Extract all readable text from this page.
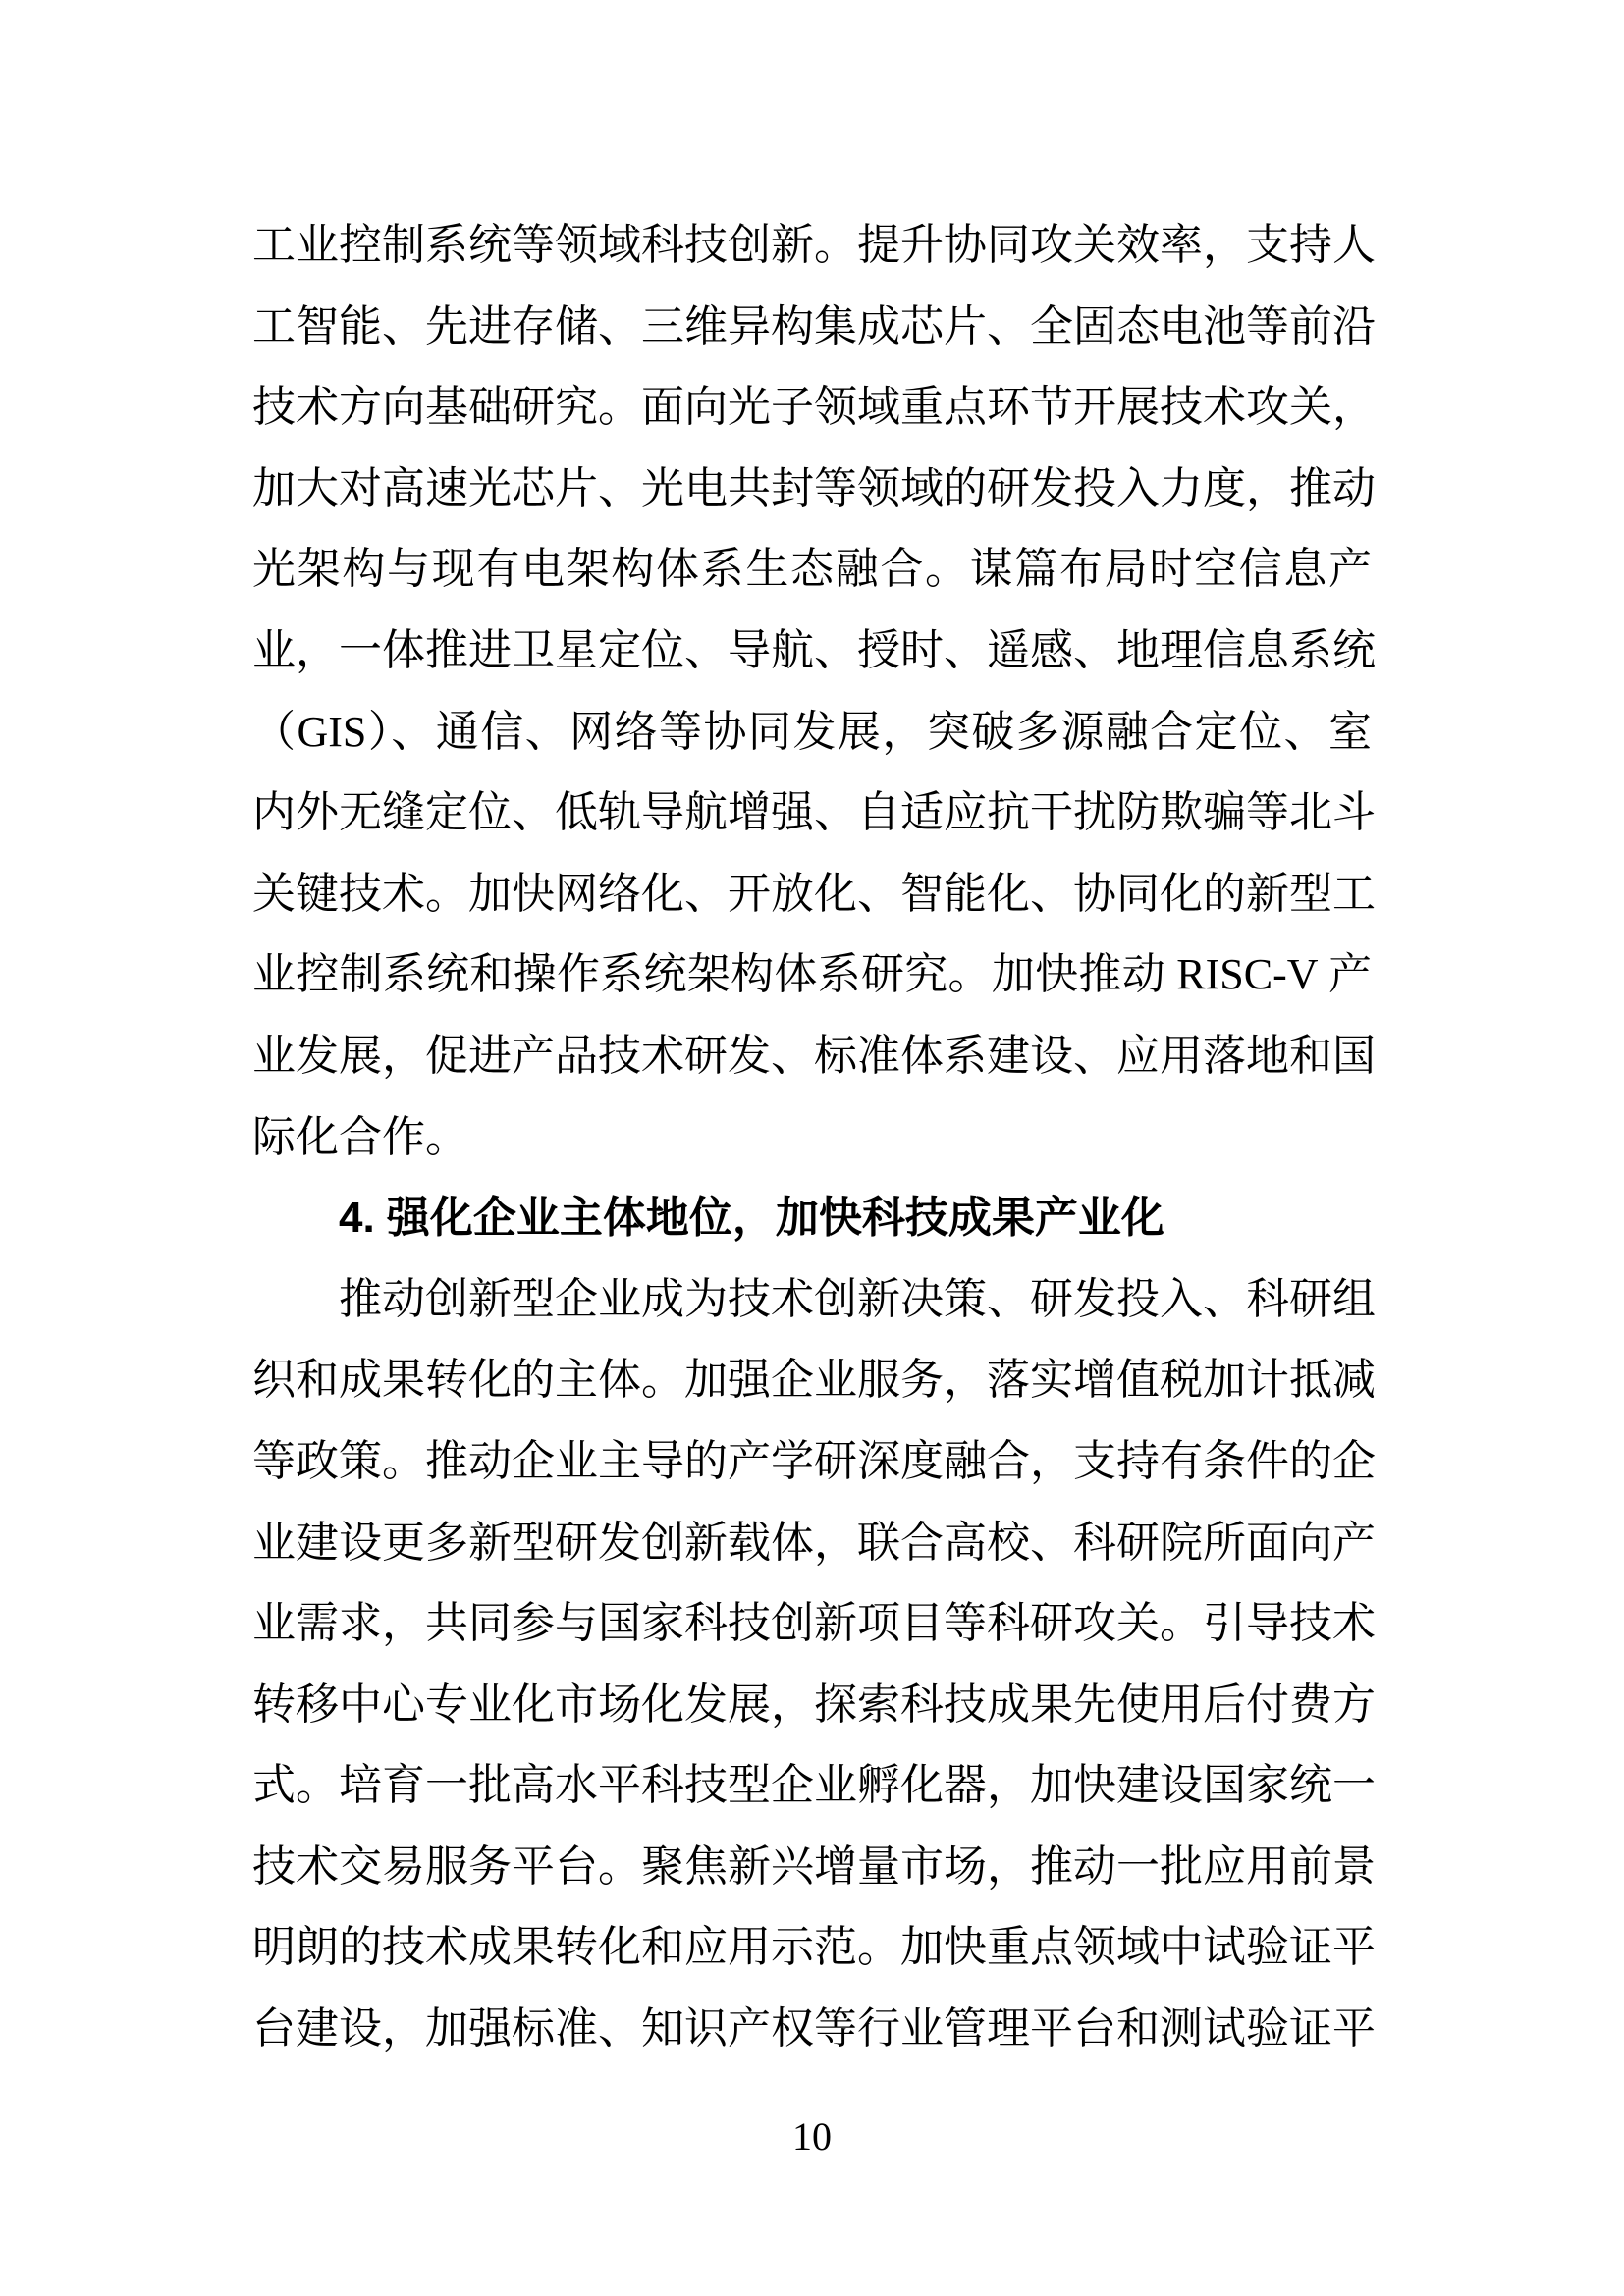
工业控制系统等领域科技创新。提升协同攻关效率，支持人
工智能、先进存储、三维异构集成芯片、全固态电池等前沿
技术方向基础研究。面向光子领域重点环节开展技术攻关，
加大对高速光芯片、光电共封等领域的研发投入力度，推动
光架构与现有电架构体系生态融合。谋篇布局时空信息产
业，一体推进卫星定位、导航、授时、遥感、地理信息系统
（GIS）、通信、网络等协同发展，突破多源融合定位、室
内外无缝定位、低轨导航增强、自适应抗干扰防欺骗等北斗
关键技术。加快网络化、开放化、智能化、协同化的新型工
业控制系统和操作系统架构体系研究。加快推动 RISC-V 产
业发展，促进产品技术研发、标准体系建设、应用落地和国
际化合作。
4. 强化企业主体地位，加快科技成果产业化
推动创新型企业成为技术创新决策、研发投入、科研组
织和成果转化的主体。加强企业服务，落实增值税加计抵减
等政策。推动企业主导的产学研深度融合，支持有条件的企
业建设更多新型研发创新载体，联合高校、科研院所面向产
业需求，共同参与国家科技创新项目等科研攻关。引导技术
转移中心专业化市场化发展，探索科技成果先使用后付费方
式。培育一批高水平科技型企业孵化器，加快建设国家统一
技术交易服务平台。聚焦新兴增量市场，推动一批应用前景
明朗的技术成果转化和应用示范。加快重点领域中试验证平
台建设，加强标准、知识产权等行业管理平台和测试验证平
10
